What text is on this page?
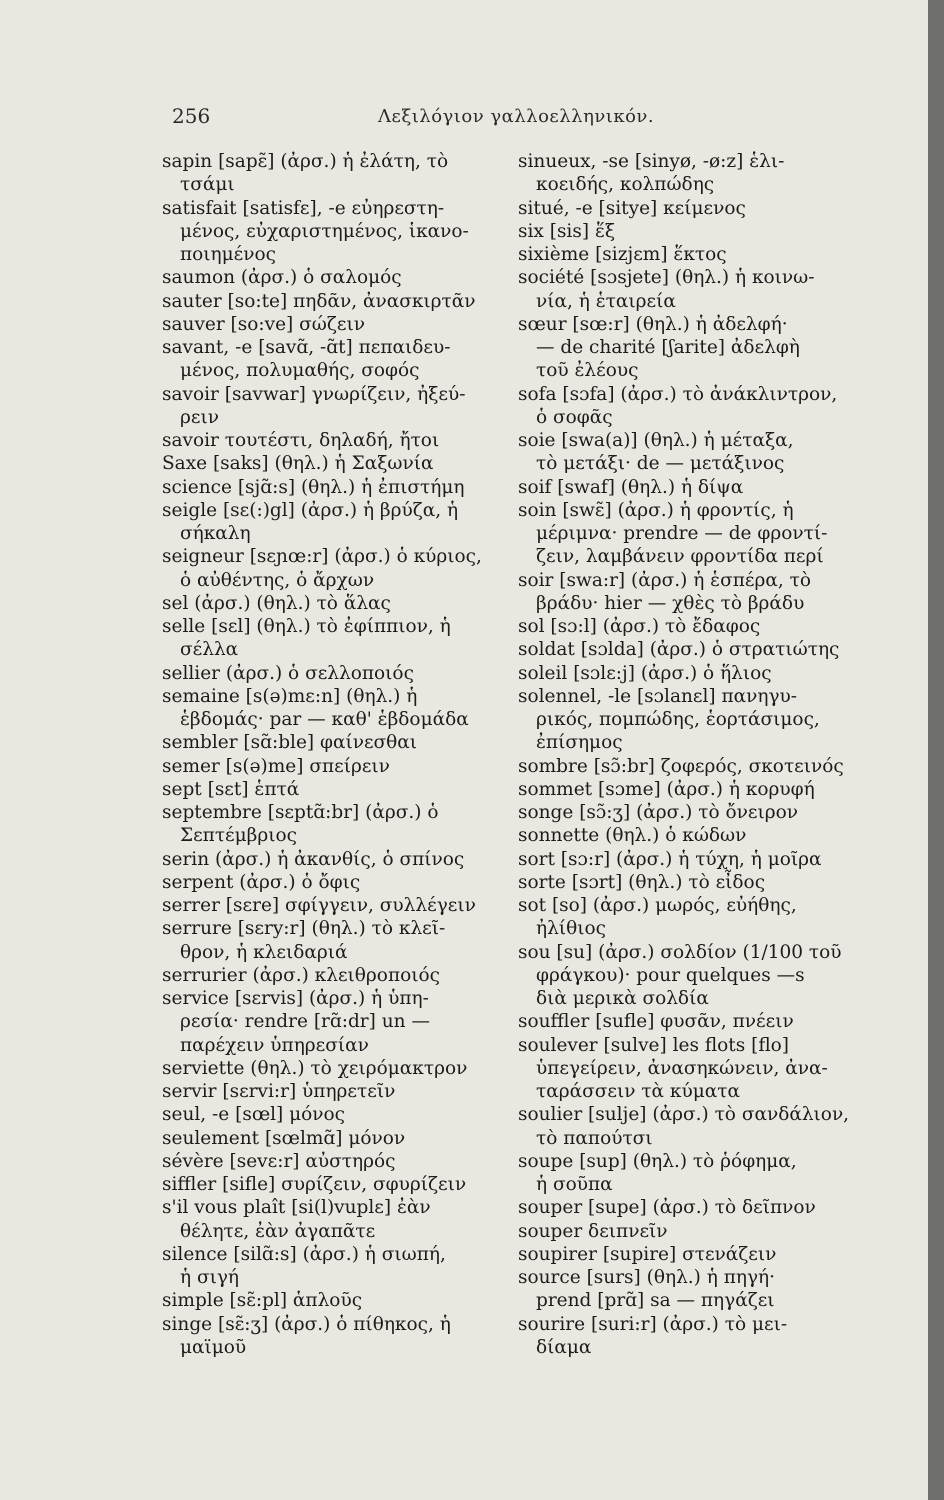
256	Λεξιλόγιον γαλλοελληνικόν.
sapin [sapɛ̃] (ἀρσ.) ἡ ἐλάτη, τὸ
τσάμι
satisfait [satisfɛ], -e εὐηρεστη-
μένος, εὐχαριστημένος, ἱκανο-
ποιημένος
saumon (ἀρσ.) ὁ σαλομός
sauter [so:te] πηδᾶν, ἀνασκιρτᾶν
sauver [so:ve] σώζειν
savant, -e [savɑ̃, -ɑ̃t] πεπαιδευ-
μένος, πολυμαθής, σοφός
savoir [savwar] γνωρίζειν, ἠξεύ-
ρειν
savoir τουτέστι, δηλαδή, ἤτοι
Saxe [saks] (θηλ.) ἡ Σαξωνία
science [sjɑ̃:s] (θηλ.) ἡ ἐπιστήμη
seigle [sɛ(:)gl] (ἀρσ.) ἡ βρύζα, ἡ
σήκαλη
seigneur [sɛɲœ:r] (ἀρσ.) ὁ κύριος,
ὁ αὐθέντης, ὁ ἄρχων
sel (ἀρσ.) (θηλ.) τὸ ἅλας
selle [sɛl] (θηλ.) τὸ ἐφίππιον, ἡ
σέλλα
sellier (ἀρσ.) ὁ σελλοποιός
semaine [s(ə)mɛ:n] (θηλ.) ἡ
ἑβδομάς· par — καθ' ἑβδομάδα
sembler [sɑ̃:ble] φαίνεσθαι
semer [s(ə)me] σπείρειν
sept [sɛt] ἑπτά
septembre [sɛptɑ̃:br] (ἀρσ.) ὁ
Σεπτέμβριος
serin (ἀρσ.) ἡ ἀκανθίς, ὁ σπίνος
serpent (ἀρσ.) ὁ ὄφις
serrer [sɛre] σφίγγειν, συλλέγειν
serrure [sɛry:r] (θηλ.) τὸ κλεῖ-
θρον, ἡ κλειδαριά
serrurier (ἀρσ.) κλειθροποιός
service [sɛrvis] (ἀρσ.) ἡ ὑπη-
ρεσία· rendre [rɑ̃:dr] un —
παρέχειν ὑπηρεσίαν
serviette (θηλ.) τὸ χειρόμακτρον
servir [sɛrvi:r] ὑπηρετεῖν
seul, -e [sœl] μόνος
seulement [sœlmɑ̃] μόνον
sévère [sevɛ:r] αὐστηρός
siffler [sifle] συρίζειν, σφυρίζειν
s'il vous plaît [si(l)vuplɛ] ἐὰν
θέλητε, ἐὰν ἀγαπᾶτε
silence [silɑ̃:s] (ἀρσ.) ἡ σιωπή,
ἡ σιγή
simple [sɛ̃:pl] ἁπλοῦς
singe [sɛ̃:ʒ] (ἀρσ.) ὁ πίθηκος, ἡ
μαϊμοῦ
sinueux, -se [sinyø, -ø:z] ἑλι-
κοειδής, κολπώδης
situé, -e [sitye] κείμενος
six [sis] ἕξ
sixième [sizjɛm] ἕκτος
société [sɔsjete] (θηλ.) ἡ κοινω-
νία, ἡ ἑταιρεία
sœur [sœ:r] (θηλ.) ἡ ἀδελφή·
— de charité [ʃarite] ἀδελφὴ
τοῦ ἐλέους
sofa [sɔfa] (ἀρσ.) τὸ ἀνάκλιντρον,
ὁ σοφᾶς
soie [swa(a)] (θηλ.) ἡ μέταξα,
τὸ μετάξι· de — μετάξινος
soif [swaf] (θηλ.) ἡ δίψα
soin [swɛ̃] (ἀρσ.) ἡ φροντίς, ἡ
μέριμνα· prendre — de φροντί-
ζειν, λαμβάνειν φροντίδα περί
soir [swa:r] (ἀρσ.) ἡ ἑσπέρα, τὸ
βράδυ· hier — χθὲς τὸ βράδυ
sol [sɔ:l] (ἀρσ.) τὸ ἔδαφος
soldat [sɔlda] (ἀρσ.) ὁ στρατιώτης
soleil [sɔlɛ:j] (ἀρσ.) ὁ ἥλιος
solennel, -le [sɔlanɛl] πανηγυ-
ρικός, πομπώδης, ἑορτάσιμος,
ἐπίσημος
sombre [sɔ̃:br] ζοφερός, σκοτεινός
sommet [sɔme] (ἀρσ.) ἡ κορυφή
songe [sɔ̃:ʒ] (ἀρσ.) τὸ ὄνειρον
sonnette (θηλ.) ὁ κώδων
sort [sɔ:r] (ἀρσ.) ἡ τύχη, ἡ μοῖρα
sorte [sɔrt] (θηλ.) τὸ εἶδος
sot [so] (ἀρσ.) μωρός, εὐήθης,
ἠλίθιος
sou [su] (ἀρσ.) σολδίον (1/100 τοῦ
φράγκου)· pour quelques —s
διὰ μερικὰ σολδία
souffler [sufle] φυσᾶν, πνέειν
soulever [sulve] les flots [flo]
ὑπεγείρειν, ἀνασηκώνειν, ἀνα-
ταράσσειν τὰ κύματα
soulier [sulje] (ἀρσ.) τὸ σανδάλιον,
τὸ παπούτσι
soupe [sup] (θηλ.) τὸ ῥόφημα,
ἡ σοῦπα
souper [supe] (ἀρσ.) τὸ δεῖπνον
souper δειπνεῖν
soupirer [supire] στενάζειν
source [surs] (θηλ.) ἡ πηγή·
prend [prɑ̃] sa — πηγάζει
sourire [suri:r] (ἀρσ.) τὸ μει-
δίαμα
